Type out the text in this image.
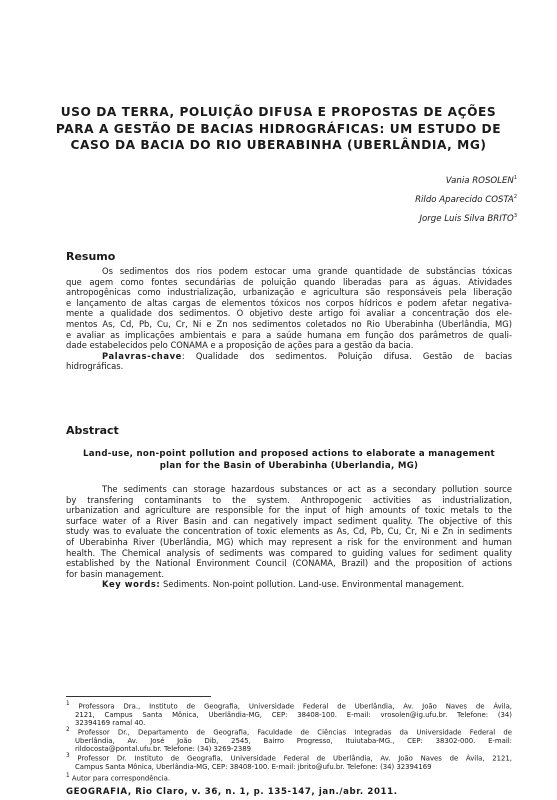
USO DA TERRA, POLUIÇÃO DIFUSA E PROPOSTAS DE AÇÕES
PARA A GESTÃO DE BACIAS HIDROGRÁFICAS: UM ESTUDO DE
CASO DA BACIA DO RIO UBERABINHA (UBERLÂNDIA, MG)
Vania ROSOLEN$^1$
Rildo Aparecido COSTA$^2$
Jorge Luis Silva BRITO$^3$
Resumo
Os sedimentos dos rios podem estocar uma grande quantidade de substâncias tóxicas
que agem como fontes secundárias de poluição quando liberadas para as águas. Atividades
antropogênicas como industrialização, urbanização e agricultura são responsáveis pela liberação
e lançamento de altas cargas de elementos tóxicos nos corpos hídricos e podem afetar negativa-
mente a qualidade dos sedimentos. O objetivo deste artigo foi avaliar a concentração dos ele-
mentos As, Cd, Pb, Cu, Cr, Ni e Zn nos sedimentos coletados no Rio Uberabinha (Uberlândia, MG)
e avaliar as implicações ambientais e para a saúde humana em função dos parâmetros de quali-
dade estabelecidos pelo CONAMA e a proposição de ações para a gestão da bacia.
Palavras-chave: Qualidade dos sedimentos. Poluição difusa. Gestão de bacias
hidrográficas.
Abstract
Land-use, non-point pollution and proposed actions to elaborate a management
plan for the Basin of Uberabinha (Uberlandia, MG)
The sediments can storage hazardous substances or act as a secondary pollution source
by transfering contaminants to the system. Anthropogenic activities as industrialization,
urbanization and agriculture are responsible for the input of high amounts of toxic metals to the
surface water of a River Basin and can negatively impact sediment quality. The objective of this
study was to evaluate the concentration of toxic elements as As, Cd, Pb, Cu, Cr, Ni e Zn in sediments
of Uberabinha River (Uberlândia, MG) which may represent a risk for the environment and human
health. The Chemical analysis of sediments was compared to guiding values for sediment quality
established by the National Environment Council (CONAMA, Brazil) and the proposition of actions
for basin management.
Key words: Sediments. Non-point pollution. Land-use. Environmental management.
$^1$ Professora Dra., Instituto de Geografia, Universidade Federal de Uberlândia, Av. João Naves de Ávila,
2121, Campus Santa Mônica, Uberlândia-MG, CEP: 38408-100. E-mail: vrosolen@ig.ufu.br. Telefone: (34)
32394169 ramal 40.
$^2$ Professor Dr., Departamento de Geografia, Faculdade de Ciências Integradas da Universidade Federal de
Uberlândia, Av. José João Dib, 2545, Bairro Progresso, Ituiutaba-MG., CEP: 38302-000. E-mail:
rildocosta@pontal.ufu.br. Telefone: (34) 3269-2389
$^3$ Professor Dr. Instituto de Geografia, Universidade Federal de Uberlândia, Av. João Naves de Ávila, 2121,
Campus Santa Mônica, Uberlândia-MG, CEP: 38408-100. E-mail: jbrito@ufu.br. Telefone: (34) 32394169
$^1$ Autor para correspondência.
GEOGRAFIA, Rio Claro, v. 36, n. 1, p. 135-147, jan./abr. 2011.
